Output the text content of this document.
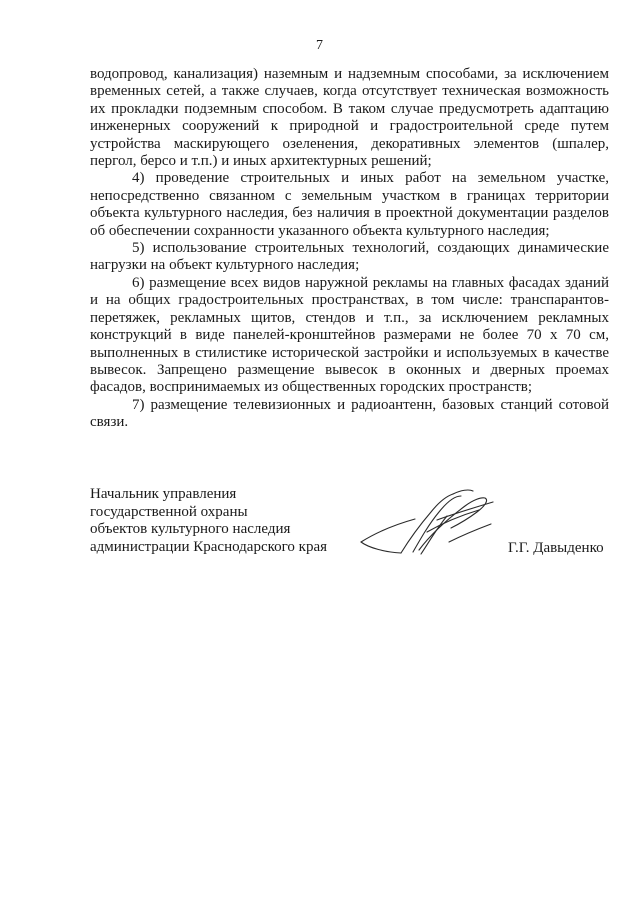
7

водопровод, канализация) наземным и надземным способами, за исключением временных сетей, а также случаев, когда отсутствует техническая возможность их прокладки подземным способом. В таком случае предусмотреть адаптацию инженерных сооружений к природной и градостроительной среде путем устройства маскирующего озеленения, декоративных элементов (шпалер, пергол, берсо и т.п.) и иных архитектурных решений;

4) проведение строительных и иных работ на земельном участке, непосредственно связанном с земельным участком в границах территории объекта культурного наследия, без наличия в проектной документации разделов об обеспечении сохранности указанного объекта культурного наследия;

5) использование строительных технологий, создающих динамические нагрузки на объект культурного наследия;

6) размещение всех видов наружной рекламы на главных фасадах зданий и на общих градостроительных пространствах, в том числе: транспарантов-перетяжек, рекламных щитов, стендов и т.п., за исключением рекламных конструкций в виде панелей-кронштейнов размерами не более 70 х 70 см, выполненных в стилистике исторической застройки и используемых в качестве вывесок. Запрещено размещение вывесок в оконных и дверных проемах фасадов, воспринимаемых из общественных городских пространств;

7) размещение телевизионных и радиоантенн, базовых станций сотовой связи.

Начальник управления
государственной охраны
объектов культурного наследия
администрации Краснодарского края	Г.Г. Давыденко
